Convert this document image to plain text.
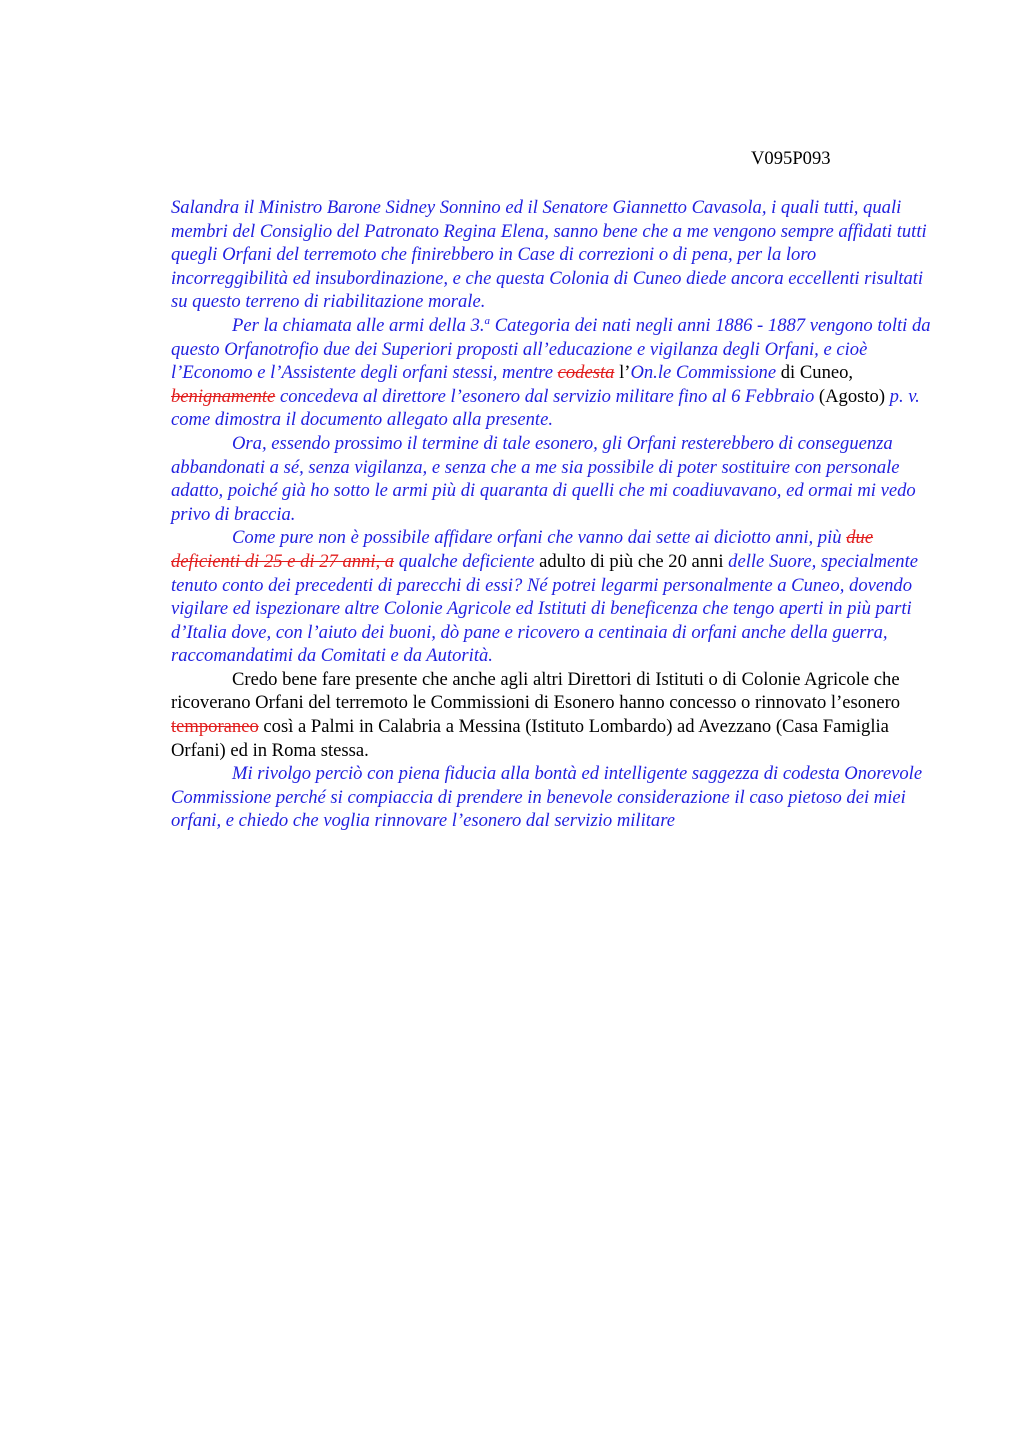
V095P093

Salandra il Ministro Barone Sidney Sonnino ed il Senatore Giannetto Cavasola, i quali tutti, quali membri del Consiglio del Patronato Regina Elena, sanno bene che a me vengono sempre affidati tutti quegli Orfani del terremoto che finirebbero in Case di correzioni o di pena, per la loro incorreggibilità ed insubordinazione, e che questa Colonia di Cuneo diede ancora eccellenti risultati su questo terreno di riabilitazione morale.

Per la chiamata alle armi della 3.$^a$ Categoria dei nati negli anni 1886 - 1887 vengono tolti da questo Orfanotrofio due dei Superiori proposti all’educazione e vigilanza degli Orfani, e cioè l’Economo e l’Assistente degli orfani stessi, mentre codesta l’On.le Commissione di Cuneo, benignamente concedeva al direttore l’esonero dal servizio militare fino al 6 Febbraio (Agosto) p. v. come dimostra il documento allegato alla presente.

Ora, essendo prossimo il termine di tale esonero, gli Orfani resterebbero di conseguenza abbandonati a sé, senza vigilanza, e senza che a me sia possibile di poter sostituire con personale adatto, poiché già ho sotto le armi più di quaranta di quelli che mi coadiuvavano, ed ormai mi vedo privo di braccia.

Come pure non è possibile affidare orfani che vanno dai sette ai diciotto anni, più due deficienti di 25 e di 27 anni, a qualche deficiente adulto di più che 20 anni delle Suore, specialmente tenuto conto dei precedenti di parecchi di essi? Né potrei legarmi personalmente a Cuneo, dovendo vigilare ed ispezionare altre Colonie Agricole ed Istituti di beneficenza che tengo aperti in più parti d’Italia dove, con l’aiuto dei buoni, dò pane e ricovero a centinaia di orfani anche della guerra, raccomandatimi da Comitati e da Autorità.

Credo bene fare presente che anche agli altri Direttori di Istituti o di Colonie Agricole che ricoverano Orfani del terremoto le Commissioni di Esonero hanno concesso o rinnovato l’esonero temporaneo così a Palmi in Calabria a Messina (Istituto Lombardo) ad Avezzano (Casa Famiglia Orfani) ed in Roma stessa.

Mi rivolgo perciò con piena fiducia alla bontà ed intelligente saggezza di codesta Onorevole Commissione perché si compiaccia di prendere in benevole considerazione il caso pietoso dei miei orfani, e chiedo che voglia rinnovare l’esonero dal servizio militare
